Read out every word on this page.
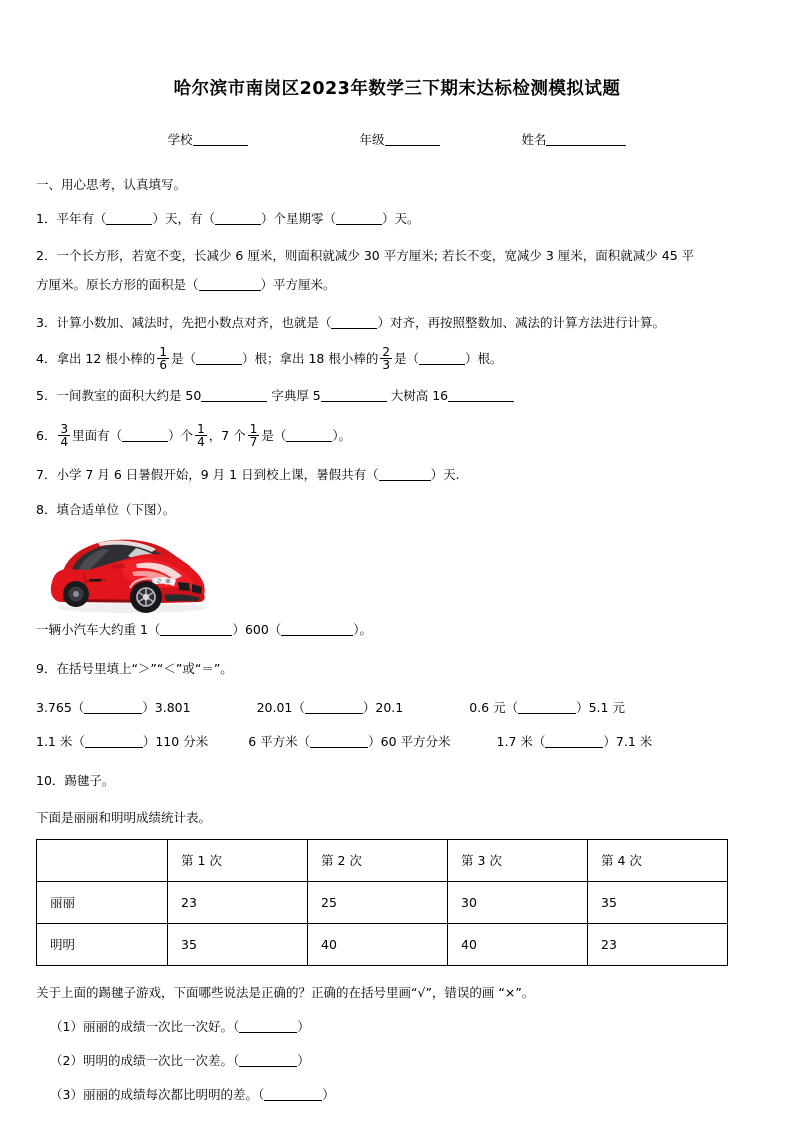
哈尔滨市南岗区2023年数学三下期末达标检测模拟试题
学校	年级	姓名
一、用心思考，认真填写。
1．平年有（	）天，有（	）个星期零（	）天。
2．一个长方形，若宽不变，长减少 6 厘米，则面积就减少 30 平方厘米; 若长不变，宽减少 3 厘米，面积就减少 45 平
方厘米。原长方形的面积是（	）平方厘米。
3．计算小数加、减法时，先把小数点对齐，也就是（	）对齐，再按照整数加、减法的计算方法进行计算。
4．拿出 12 根小棒的 $\frac{1}{6}$ 是（	）根；拿出 18 根小棒的 $\frac{2}{3}$ 是（	）根。
5．一间教室的面积大约是 50	字典厚 5	大树高 16
6． $\frac{3}{4}$ 里面有（	）个 $\frac{1}{4}$ ，7 个 $\frac{1}{7}$ 是（	）。
7．小学 7 月 6 日暑假开始，9 月 1 日到校上课，暑假共有（	）天.
8．填合适单位（下图）。
一辆小汽车大约重 1（	）600（	）。
9．在括号里填上“＞”“＜”或“＝”。
3.765（	）3.801	20.01（	）20.1	0.6 元（	）5.1 元
1.1 米（	）110 分米	6 平方米（	）60 平方分米	1.7 米（	）7.1 米
10．踢毽子。
下面是丽丽和明明成绩统计表。
	第 1 次	第 2 次	第 3 次	第 4 次
丽丽	23	25	30	35
明明	35	40	40	23
关于上面的踢毽子游戏，下面哪些说法是正确的？正确的在括号里画“√”，错误的画 “×”。
（1）丽丽的成绩一次比一次好。（	）
（2）明明的成绩一次比一次差。（	）
（3）丽丽的成绩每次都比明明的差。（	）
